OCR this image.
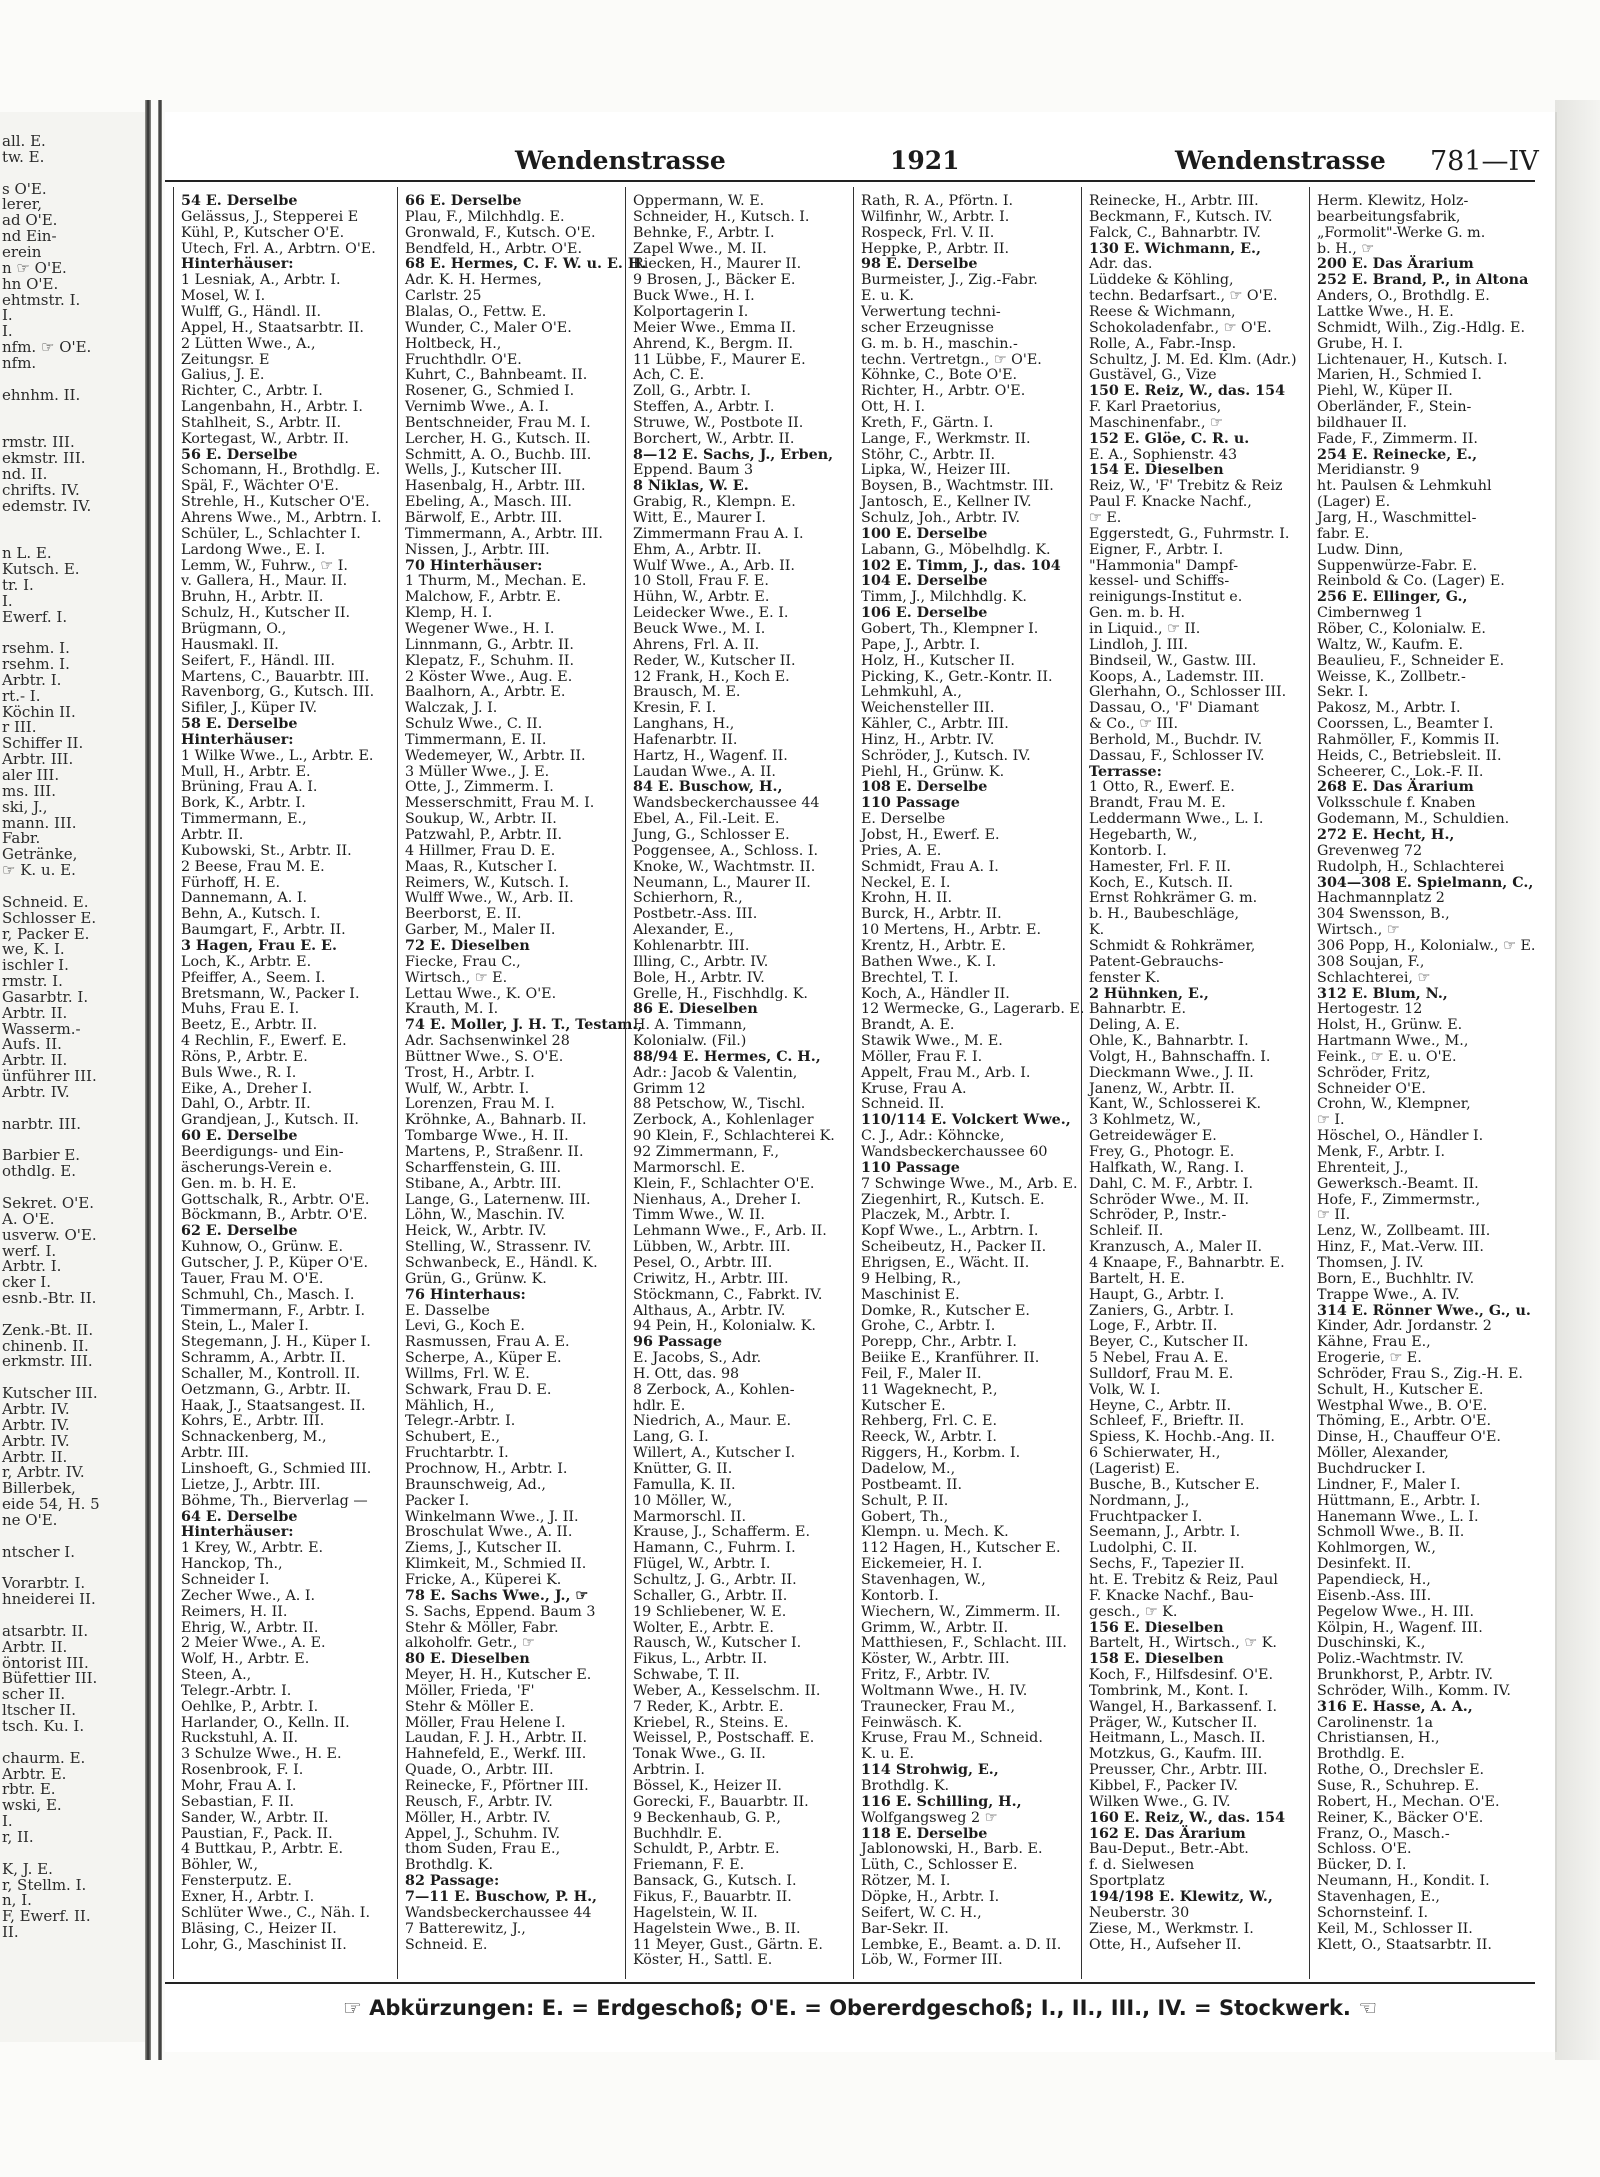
all. E.
tw. E.
s O'E.
lerer,
ad O'E.
nd Ein-
erein
n ☞ O'E.
hn O'E.
ehtmstr. I.
I.
I.
nfm. ☞ O'E.
nfm.
ehnhm. II.
rmstr. III.
ekmstr. III.
nd. II.
chrifts. IV.
edemstr. IV.
n L. E.
Kutsch. E.
tr. I.
I.
Ewerf. I.
rsehm. I.
rsehm. I.
Arbtr. I.
rt.- I.
Köchin II.
r III.
Schiffer II.
Arbtr. III.
aler III.
ms. III.
ski, J.,
mann. III.
Fabr.
Getränke,
☞ K. u. E.
Schneid. E.
Schlosser E.
r, Packer E.
we, K. I.
ischler I.
rmstr. I.
Gasarbtr. I.
Arbtr. II.
Wasserm.-
Aufs. II.
Arbtr. II.
ünführer III.
Arbtr. IV.
narbtr. III.
Barbier E.
othdlg. E.
Sekret. O'E.
A. O'E.
usverw. O'E.
werf. I.
Arbtr. I.
cker I.
esnb.-Btr. II.
Zenk.-Bt. II.
chinenb. II.
erkmstr. III.
Kutscher III.
Arbtr. IV.
Arbtr. IV.
Arbtr. IV.
Arbtr. II.
r, Arbtr. IV.
Billerbek,
eide 54, H. 5
ne O'E.
ntscher I.
Vorarbtr. I.
hneiderei II.
atsarbtr. II.
Arbtr. II.
öntorist III.
Büfettier III.
scher II.
ltscher II.
tsch. Ku. I.
chaurm. E.
Arbtr. E.
rbtr. E.
wski, E.
I.
r, II.
K, J. E.
r, Stellm. I.
n, I.
F, Ewerf. II.
II.
Wendenstrasse	1921	Wendenstrasse 781—IV
54 E. Derselbe
Gelässus, J., Stepperei E
Kühl, P., Kutscher O'E.
Utech, Frl. A., Arbtrn. O'E.
Hinterhäuser:
1 Lesniak, A., Arbtr. I.
Mosel, W. I.
Wulff, G., Händl. II.
Appel, H., Staatsarbtr. II.
2 Lütten Wwe., A.,
Zeitungsr. E
Galius, J. E.
Richter, C., Arbtr. I.
Langenbahn, H., Arbtr. I.
Stahlheit, S., Arbtr. II.
Kortegast, W., Arbtr. II.
56 E. Derselbe
Schomann, H., Brothdlg. E.
Späl, F., Wächter O'E.
Strehle, H., Kutscher O'E.
Ahrens Wwe., M., Arbtrn. I.
Schüler, L., Schlachter I.
Lardong Wwe., E. I.
Lemm, W., Fuhrw., ☞ I.
v. Gallera, H., Maur. II.
Bruhn, H., Arbtr. II.
Schulz, H., Kutscher II.
Brügmann, O.,
Hausmakl. II.
Seifert, F., Händl. III.
Martens, C., Bauarbtr. III.
Ravenborg, G., Kutsch. III.
Sifiler, J., Küper IV.
58 E. Derselbe
Hinterhäuser:
1 Wilke Wwe., L., Arbtr. E.
Mull, H., Arbtr. E.
Brüning, Frau A. I.
Bork, K., Arbtr. I.
Timmermann, E.,
Arbtr. II.
Kubowski, St., Arbtr. II.
2 Beese, Frau M. E.
Fürhoff, H. E.
Dannemann, A. I.
Behn, A., Kutsch. I.
Baumgart, F., Arbtr. II.
3 Hagen, Frau E. E.
Loch, K., Arbtr. E.
Pfeiffer, A., Seem. I.
Bretsmann, W., Packer I.
Muhs, Frau E. I.
Beetz, E., Arbtr. II.
4 Rechlin, F., Ewerf. E.
Röns, P., Arbtr. E.
Buls Wwe., R. I.
Eike, A., Dreher I.
Dahl, O., Arbtr. II.
Grandjean, J., Kutsch. II.
60 E. Derselbe
Beerdigungs- und Ein-
äscherungs-Verein e.
Gen. m. b. H. E.
Gottschalk, R., Arbtr. O'E.
Böckmann, B., Arbtr. O'E.
62 E. Derselbe
Kuhnow, O., Grünw. E.
Gutscher, J. P., Küper O'E.
Tauer, Frau M. O'E.
Schmuhl, Ch., Masch. I.
Timmermann, F., Arbtr. I.
Stein, L., Maler I.
Stegemann, J. H., Küper I.
Schramm, A., Arbtr. II.
Schaller, M., Kontroll. II.
Oetzmann, G., Arbtr. II.
Haak, J., Staatsangest. II.
Kohrs, E., Arbtr. III.
Schnackenberg, M.,
Arbtr. III.
Linshoeft, G., Schmied III.
Lietze, J., Arbtr. III.
Böhme, Th., Bierverlag —
64 E. Derselbe
Hinterhäuser:
1 Krey, W., Arbtr. E.
Hanckop, Th.,
Schneider I.
Zecher Wwe., A. I.
Reimers, H. II.
Ehrig, W., Arbtr. II.
2 Meier Wwe., A. E.
Wolf, H., Arbtr. E.
Steen, A.,
Telegr.-Arbtr. I.
Oehlke, P., Arbtr. I.
Harlander, O., Kelln. II.
Ruckstuhl, A. II.
3 Schulze Wwe., H. E.
Rosenbrook, F. I.
Mohr, Frau A. I.
Sebastian, F. II.
Sander, W., Arbtr. II.
Paustian, F., Pack. II.
4 Buttkau, P., Arbtr. E.
Böhler, W.,
Fensterputz. E.
Exner, H., Arbtr. I.
Schlüter Wwe., C., Näh. I.
Bläsing, C., Heizer II.
Lohr, G., Maschinist II.
66 E. Derselbe
Plau, F., Milchhdlg. E.
Gronwald, F., Kutsch. O'E.
Bendfeld, H., Arbtr. O'E.
68 E. Hermes, C. F. W. u. E. H.
Adr. K. H. Hermes,
Carlstr. 25
Blalas, O., Fettw. E.
Wunder, C., Maler O'E.
Holtbeck, H.,
Fruchthdlr. O'E.
Kuhrt, C., Bahnbeamt. II.
Rosener, G., Schmied I.
Vernimb Wwe., A. I.
Bentschneider, Frau M. I.
Lercher, H. G., Kutsch. II.
Schmitt, A. O., Buchb. III.
Wells, J., Kutscher III.
Hasenbalg, H., Arbtr. III.
Ebeling, A., Masch. III.
Bärwolf, E., Arbtr. III.
Timmermann, A., Arbtr. III.
Nissen, J., Arbtr. III.
70 Hinterhäuser:
1 Thurm, M., Mechan. E.
Malchow, F., Arbtr. E.
Klemp, H. I.
Wegener Wwe., H. I.
Linnmann, G., Arbtr. II.
Klepatz, F., Schuhm. II.
2 Köster Wwe., Aug. E.
Baalhorn, A., Arbtr. E.
Walczak, J. I.
Schulz Wwe., C. II.
Timmermann, E. II.
Wedemeyer, W., Arbtr. II.
3 Müller Wwe., J. E.
Otte, J., Zimmerm. I.
Messerschmitt, Frau M. I.
Soukup, W., Arbtr. II.
Patzwahl, P., Arbtr. II.
4 Hillmer, Frau D. E.
Maas, R., Kutscher I.
Reimers, W., Kutsch. I.
Wulff Wwe., W., Arb. II.
Beerborst, E. II.
Garber, M., Maler II.
72 E. Dieselben
Fiecke, Frau C.,
Wirtsch., ☞ E.
Lettau Wwe., K. O'E.
Krauth, M. I.
74 E. Moller, J. H. T., Testam.,
Adr. Sachsenwinkel 28
Büttner Wwe., S. O'E.
Trost, H., Arbtr. I.
Wulf, W., Arbtr. I.
Lorenzen, Frau M. I.
Kröhnke, A., Bahnarb. II.
Tombarge Wwe., H. II.
Martens, P., Straßenr. II.
Scharffenstein, G. III.
Stibane, A., Arbtr. III.
Lange, G., Laternenw. III.
Löhn, W., Maschin. IV.
Heick, W., Arbtr. IV.
Stelling, W., Strassenr. IV.
Schwanbeck, E., Händl. K.
Grün, G., Grünw. K.
76 Hinterhaus:
E. Dasselbe
Levi, G., Koch E.
Rasmussen, Frau A. E.
Scherpe, A., Küper E.
Willms, Frl. W. E.
Schwark, Frau D. E.
Mählich, H.,
Telegr.-Arbtr. I.
Schubert, E.,
Fruchtarbtr. I.
Prochnow, H., Arbtr. I.
Braunschweig, Ad.,
Packer I.
Winkelmann Wwe., J. II.
Broschulat Wwe., A. II.
Ziems, J., Kutscher II.
Klimkeit, M., Schmied II.
Fricke, A., Küperei K.
78 E. Sachs Wwe., J., ☞
S. Sachs, Eppend. Baum 3
Stehr & Möller, Fabr.
alkoholfr. Getr., ☞
80 E. Dieselben
Meyer, H. H., Kutscher E.
Möller, Frieda, 'F'
Stehr & Möller E.
Möller, Frau Helene I.
Laudan, F. J. H., Arbtr. II.
Hahnefeld, E., Werkf. III.
Quade, O., Arbtr. III.
Reinecke, F., Pförtner III.
Reusch, F., Arbtr. IV.
Möller, H., Arbtr. IV.
Appel, J., Schuhm. IV.
thom Suden, Frau E.,
Brothdlg. K.
82 Passage:
7—11 E. Buschow, P. H.,
Wandsbeckerchaussee 44
7 Batterewitz, J.,
Schneid. E.
Oppermann, W. E.
Schneider, H., Kutsch. I.
Behnke, F., Arbtr. I.
Zapel Wwe., M. II.
Riecken, H., Maurer II.
9 Brosen, J., Bäcker E.
Buck Wwe., H. I.
Kolportagerin I.
Meier Wwe., Emma II.
Ahrend, K., Bergm. II.
11 Lübbe, F., Maurer E.
Ach, C. E.
Zoll, G., Arbtr. I.
Steffen, A., Arbtr. I.
Struwe, W., Postbote II.
Borchert, W., Arbtr. II.
8—12 E. Sachs, J., Erben,
Eppend. Baum 3
8 Niklas, W. E.
Grabig, R., Klempn. E.
Witt, E., Maurer I.
Zimmermann Frau A. I.
Ehm, A., Arbtr. II.
Wulf Wwe., A., Arb. II.
10 Stoll, Frau F. E.
Hühn, W., Arbtr. E.
Leidecker Wwe., E. I.
Beuck Wwe., M. I.
Ahrens, Frl. A. II.
Reder, W., Kutscher II.
12 Frank, H., Koch E.
Brausch, M. E.
Kresin, F. I.
Langhans, H.,
Hafenarbtr. II.
Hartz, H., Wagenf. II.
Laudan Wwe., A. II.
84 E. Buschow, H.,
Wandsbeckerchaussee 44
Ebel, A., Fil.-Leit. E.
Jung, G., Schlosser E.
Poggensee, A., Schloss. I.
Knoke, W., Wachtmstr. II.
Neumann, L., Maurer II.
Schierhorn, R.,
Postbetr.-Ass. III.
Alexander, E.,
Kohlenarbtr. III.
Illing, C., Arbtr. IV.
Bole, H., Arbtr. IV.
Grelle, H., Fischhdlg. K.
86 E. Dieselben
H. A. Timmann,
Kolonialw. (Fil.)
88/94 E. Hermes, C. H.,
Adr.: Jacob & Valentin,
Grimm 12
88 Petschow, W., Tischl.
Zerbock, A., Kohlenlager
90 Klein, F., Schlachterei K.
92 Zimmermann, F.,
Marmorschl. E.
Klein, F., Schlachter O'E.
Nienhaus, A., Dreher I.
Timm Wwe., W. II.
Lehmann Wwe., F., Arb. II.
Lübben, W., Arbtr. III.
Pesel, O., Arbtr. III.
Criwitz, H., Arbtr. III.
Stöckmann, C., Fabrkt. IV.
Althaus, A., Arbtr. IV.
94 Pein, H., Kolonialw. K.
96 Passage
E. Jacobs, S., Adr.
H. Ott, das. 98
8 Zerbock, A., Kohlen-
hdlr. E.
Niedrich, A., Maur. E.
Lang, G. I.
Willert, A., Kutscher I.
Knütter, G. II.
Famulla, K. II.
10 Möller, W.,
Marmorschl. II.
Krause, J., Schafferm. E.
Hamann, C., Fuhrm. I.
Flügel, W., Arbtr. I.
Schultz, J. G., Arbtr. II.
Schaller, G., Arbtr. II.
19 Schliebener, W. E.
Wolter, E., Arbtr. E.
Rausch, W., Kutscher I.
Fikus, L., Arbtr. II.
Schwabe, T. II.
Weber, A., Kesselschm. II.
7 Reder, K., Arbtr. E.
Kriebel, R., Steins. E.
Weissel, P., Postschaff. E.
Tonak Wwe., G. II.
Arbtrin. I.
Bössel, K., Heizer II.
Gorecki, F., Bauarbtr. II.
9 Beckenhaub, G. P.,
Buchhdlr. E.
Schuldt, P., Arbtr. E.
Friemann, F. E.
Bansack, G., Kutsch. I.
Fikus, F., Bauarbtr. II.
Hagelstein, W. II.
Hagelstein Wwe., B. II.
11 Meyer, Gust., Gärtn. E.
Köster, H., Sattl. E.
Rath, R. A., Pförtn. I.
Wilfinhr, W., Arbtr. I.
Rospeck, Frl. V. II.
Heppke, P., Arbtr. II.
98 E. Derselbe
Burmeister, J., Zig.-Fabr.
E. u. K.
Verwertung techni-
scher Erzeugnisse
G. m. b. H., maschin.-
techn. Vertretgn., ☞ O'E.
Köhnke, C., Bote O'E.
Richter, H., Arbtr. O'E.
Ott, H. I.
Kreth, F., Gärtn. I.
Lange, F., Werkmstr. II.
Stöhr, C., Arbtr. II.
Lipka, W., Heizer III.
Boysen, B., Wachtmstr. III.
Jantosch, E., Kellner IV.
Schulz, Joh., Arbtr. IV.
100 E. Derselbe
Labann, G., Möbelhdlg. K.
102 E. Timm, J., das. 104
104 E. Derselbe
Timm, J., Milchhdlg. K.
106 E. Derselbe
Gobert, Th., Klempner I.
Pape, J., Arbtr. I.
Holz, H., Kutscher II.
Picking, K., Getr.-Kontr. II.
Lehmkuhl, A.,
Weichensteller III.
Kähler, C., Arbtr. III.
Hinz, H., Arbtr. IV.
Schröder, J., Kutsch. IV.
Piehl, H., Grünw. K.
108 E. Derselbe
110 Passage
E. Derselbe
Jobst, H., Ewerf. E.
Pries, A. E.
Schmidt, Frau A. I.
Neckel, E. I.
Krohn, H. II.
Burck, H., Arbtr. II.
10 Mertens, H., Arbtr. E.
Krentz, H., Arbtr. E.
Bathen Wwe., K. I.
Brechtel, T. I.
Koch, A., Händler II.
12 Wermecke, G., Lagerarb. E.
Brandt, A. E.
Stawik Wwe., M. E.
Möller, Frau F. I.
Appelt, Frau M., Arb. I.
Kruse, Frau A.
Schneid. II.
110/114 E. Volckert Wwe.,
C. J., Adr.: Köhncke,
Wandsbeckerchaussee 60
110 Passage
7 Schwinge Wwe., M., Arb. E.
Ziegenhirt, R., Kutsch. E.
Placzek, M., Arbtr. I.
Kopf Wwe., L., Arbtrn. I.
Scheibeutz, H., Packer II.
Ehrigsen, E., Wächt. II.
9 Helbing, R.,
Maschinist E.
Domke, R., Kutscher E.
Grohe, C., Arbtr. I.
Porepp, Chr., Arbtr. I.
Beiike E., Kranführer. II.
Feil, F., Maler II.
11 Wageknecht, P.,
Kutscher E.
Rehberg, Frl. C. E.
Reeck, W., Arbtr. I.
Riggers, H., Korbm. I.
Dadelow, M.,
Postbeamt. II.
Schult, P. II.
Gobert, Th.,
Klempn. u. Mech. K.
112 Hagen, H., Kutscher E.
Eickemeier, H. I.
Stavenhagen, W.,
Kontorb. I.
Wiechern, W., Zimmerm. II.
Grimm, W., Arbtr. II.
Matthiesen, F., Schlacht. III.
Köster, W., Arbtr. III.
Fritz, F., Arbtr. IV.
Woltmann Wwe., H. IV.
Traunecker, Frau M.,
Feinwäsch. K.
Kruse, Frau M., Schneid.
K. u. E.
114 Strohwig, E.,
Brothdlg. K.
116 E. Schilling, H.,
Wolfgangsweg 2 ☞
118 E. Derselbe
Jablonowski, H., Barb. E.
Lüth, C., Schlosser E.
Rötzer, M. I.
Döpke, H., Arbtr. I.
Seifert, W. C. H.,
Bar-Sekr. II.
Lembke, E., Beamt. a. D. II.
Löb, W., Former III.
Reinecke, H., Arbtr. III.
Beckmann, F., Kutsch. IV.
Falck, C., Bahnarbtr. IV.
130 E. Wichmann, E.,
Adr. das.
Lüddeke & Köhling,
techn. Bedarfsart., ☞ O'E.
Reese & Wichmann,
Schokoladenfabr., ☞ O'E.
Rolle, A., Fabr.-Insp.
Schultz, J. M. Ed. Klm. (Adr.)
Gustävel, G., Vize
150 E. Reiz, W., das. 154
F. Karl Praetorius,
Maschinenfabr., ☞
152 E. Glöe, C. R. u.
E. A., Sophienstr. 43
154 E. Dieselben
Reiz, W., 'F' Trebitz & Reiz
Paul F. Knacke Nachf.,
☞ E.
Eggerstedt, G., Fuhrmstr. I.
Eigner, F., Arbtr. I.
"Hammonia" Dampf-
kessel- und Schiffs-
reinigungs-Institut e.
Gen. m. b. H.
in Liquid., ☞ II.
Lindloh, J. III.
Bindseil, W., Gastw. III.
Koops, A., Lademstr. III.
Glerhahn, O., Schlosser III.
Dassau, O., 'F' Diamant
& Co., ☞ III.
Berhold, M., Buchdr. IV.
Dassau, F., Schlosser IV.
Terrasse:
1 Otto, R., Ewerf. E.
Brandt, Frau M. E.
Leddermann Wwe., L. I.
Hegebarth, W.,
Kontorb. I.
Hamester, Frl. F. II.
Koch, E., Kutsch. II.
Ernst Rohkrämer G. m.
b. H., Baubeschläge,
K.
Schmidt & Rohkrämer,
Patent-Gebrauchs-
fenster K.
2 Hühnken, E.,
Bahnarbtr. E.
Deling, A. E.
Ohle, K., Bahnarbtr. I.
Volgt, H., Bahnschaffn. I.
Dieckmann Wwe., J. II.
Janenz, W., Arbtr. II.
Kant, W., Schlosserei K.
3 Kohlmetz, W.,
Getreidewäger E.
Frey, G., Photogr. E.
Halfkath, W., Rang. I.
Dahl, C. M. F., Arbtr. I.
Schröder Wwe., M. II.
Schröder, P., Instr.-
Schleif. II.
Kranzusch, A., Maler II.
4 Knaape, F., Bahnarbtr. E.
Bartelt, H. E.
Haupt, G., Arbtr. I.
Zaniers, G., Arbtr. I.
Loge, F., Arbtr. II.
Beyer, C., Kutscher II.
5 Nebel, Frau A. E.
Sulldorf, Frau M. E.
Volk, W. I.
Heyne, C., Arbtr. II.
Schleef, F., Brieftr. II.
Spiess, K. Hochb.-Ang. II.
6 Schierwater, H.,
(Lagerist) E.
Busche, B., Kutscher E.
Nordmann, J.,
Fruchtpacker I.
Seemann, J., Arbtr. I.
Ludolphi, C. II.
Sechs, F., Tapezier II.
ht. E. Trebitz & Reiz, Paul
F. Knacke Nachf., Bau-
gesch., ☞ K.
156 E. Dieselben
Bartelt, H., Wirtsch., ☞ K.
158 E. Dieselben
Koch, F., Hilfsdesinf. O'E.
Tombrink, M., Kont. I.
Wangel, H., Barkassenf. I.
Präger, W., Kutscher II.
Heitmann, L., Masch. II.
Motzkus, G., Kaufm. III.
Preusser, Chr., Arbtr. III.
Kibbel, F., Packer IV.
Wilken Wwe., G. IV.
160 E. Reiz, W., das. 154
162 E. Das Ärarium
Bau-Deput., Betr.-Abt.
f. d. Sielwesen
Sportplatz
194/198 E. Klewitz, W.,
Neuberstr. 30
Ziese, M., Werkmstr. I.
Otte, H., Aufseher II.
Herm. Klewitz, Holz-
bearbeitungsfabrik,
„Formolit"-Werke G. m.
b. H., ☞
200 E. Das Ärarium
252 E. Brand, P., in Altona
Anders, O., Brothdlg. E.
Lattke Wwe., H. E.
Schmidt, Wilh., Zig.-Hdlg. E.
Grube, H. I.
Lichtenauer, H., Kutsch. I.
Marien, H., Schmied I.
Piehl, W., Küper II.
Oberländer, F., Stein-
bildhauer II.
Fade, F., Zimmerm. II.
254 E. Reinecke, E.,
Meridianstr. 9
ht. Paulsen & Lehmkuhl
(Lager) E.
Jarg, H., Waschmittel-
fabr. E.
Ludw. Dinn,
Suppenwürze-Fabr. E.
Reinbold & Co. (Lager) E.
256 E. Ellinger, G.,
Cimbernweg 1
Röber, C., Kolonialw. E.
Waltz, W., Kaufm. E.
Beaulieu, F., Schneider E.
Weisse, K., Zollbetr.-
Sekr. I.
Pakosz, M., Arbtr. I.
Coorssen, L., Beamter I.
Rahmöller, F., Kommis II.
Heids, C., Betriebsleit. II.
Scheerer, C., Lok.-F. II.
268 E. Das Ärarium
Volksschule f. Knaben
Godemann, M., Schuldien.
272 E. Hecht, H.,
Grevenweg 72
Rudolph, H., Schlachterei
304—308 E. Spielmann, C.,
Hachmannplatz 2
304 Swensson, B.,
Wirtsch., ☞
306 Popp, H., Kolonialw., ☞ E.
308 Soujan, F.,
Schlachterei, ☞
312 E. Blum, N.,
Hertogestr. 12
Holst, H., Grünw. E.
Hartmann Wwe., M.,
Feink., ☞ E. u. O'E.
Schröder, Fritz,
Schneider O'E.
Crohn, W., Klempner,
☞ I.
Höschel, O., Händler I.
Menk, F., Arbtr. I.
Ehrenteit, J.,
Gewerksch.-Beamt. II.
Hofe, F., Zimmermstr.,
☞ II.
Lenz, W., Zollbeamt. III.
Hinz, F., Mat.-Verw. III.
Thomsen, J. IV.
Born, E., Buchhltr. IV.
Trappe Wwe., A. IV.
314 E. Rönner Wwe., G., u.
Kinder, Adr. Jordanstr. 2
Kähne, Frau E.,
Erogerie, ☞ E.
Schröder, Frau S., Zig.-H. E.
Schult, H., Kutscher E.
Westphal Wwe., B. O'E.
Thöming, E., Arbtr. O'E.
Dinse, H., Chauffeur O'E.
Möller, Alexander,
Buchdrucker I.
Lindner, F., Maler I.
Hüttmann, E., Arbtr. I.
Hanemann Wwe., L. I.
Schmoll Wwe., B. II.
Kohlmorgen, W.,
Desinfekt. II.
Papendieck, H.,
Eisenb.-Ass. III.
Pegelow Wwe., H. III.
Kölpin, H., Wagenf. III.
Duschinski, K.,
Poliz.-Wachtmstr. IV.
Brunkhorst, P., Arbtr. IV.
Schröder, Wilh., Komm. IV.
316 E. Hasse, A. A.,
Carolinenstr. 1a
Christiansen, H.,
Brothdlg. E.
Rothe, O., Drechsler E.
Suse, R., Schuhrep. E.
Robert, H., Mechan. O'E.
Reiner, K., Bäcker O'E.
Franz, O., Masch.-
Schloss. O'E.
Bücker, D. I.
Neumann, H., Kondit. I.
Stavenhagen, E.,
Schornsteinf. I.
Keil, M., Schlosser II.
Klett, O., Staatsarbtr. II.
☞ Abkürzungen: E. = Erdgeschoß; O'E. = Obererdgeschoß; I., II., III., IV. = Stockwerk. ☜
